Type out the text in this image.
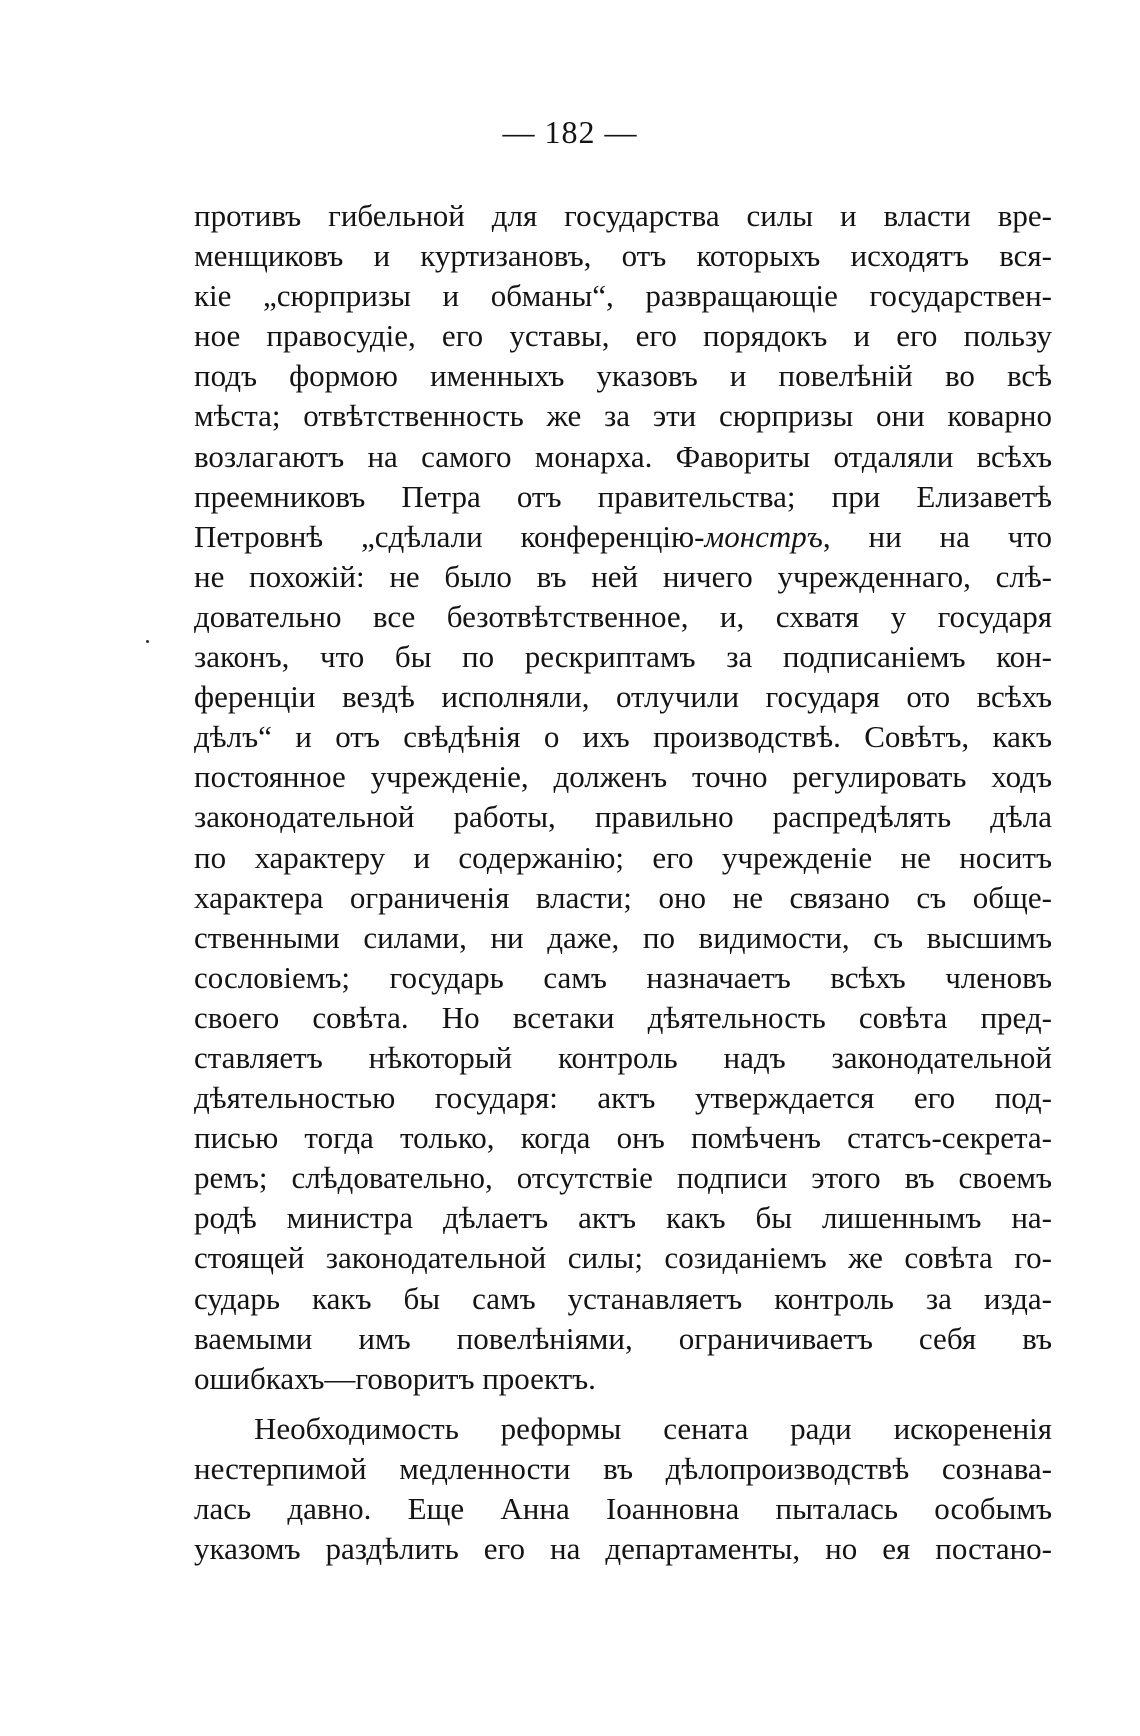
— 182 —
противъ гибельной для государства силы и власти вре-
менщиковъ и куртизановъ, отъ которыхъ исходятъ вся-
кіе „сюрпризы и обманы“, развращающіе государствен-
ное правосудіе, его уставы, его порядокъ и его пользу
подъ формою именныхъ указовъ и повелѣній во всѣ
мѣста; отвѣтственность же за эти сюрпризы они коварно
возлагаютъ на самого монарха. Фавориты отдаляли всѣхъ
преемниковъ Петра отъ правительства; при Елизаветѣ
Петровнѣ „сдѣлали конференцію-монстръ, ни на что
не похожій: не было въ ней ничего учрежденнаго, слѣ-
довательно все безотвѣтственное, и, схватя у государя
законъ, что бы по рескриптамъ за подписаніемъ кон-
ференціи вездѣ исполняли, отлучили государя ото всѣхъ
дѣлъ“ и отъ свѣдѣнія о ихъ производствѣ. Совѣтъ, какъ
постоянное учрежденіе, долженъ точно регулировать ходъ
законодательной работы, правильно распредѣлять дѣла
по характеру и содержанію; его учрежденіе не носитъ
характера ограниченія власти; оно не связано съ обще-
ственными силами, ни даже, по видимости, съ высшимъ
сословіемъ; государь самъ назначаетъ всѣхъ членовъ
своего совѣта. Но всетаки дѣятельность совѣта пред-
ставляетъ нѣкоторый контроль надъ законодательной
дѣятельностью государя: актъ утверждается его под-
писью тогда только, когда онъ помѣченъ статсъ-секрета-
ремъ; слѣдовательно, отсутствіе подписи этого въ своемъ
родѣ министра дѣлаетъ актъ какъ бы лишеннымъ на-
стоящей законодательной силы; созиданіемъ же совѣта го-
сударь какъ бы самъ устанавляетъ контроль за изда-
ваемыми имъ повелѣніями, ограничиваетъ себя въ
ошибкахъ—говоритъ проектъ.
Необходимость реформы сената ради искорененія
нестерпимой медленности въ дѣлопроизводствѣ сознава-
лась давно. Еще Анна Іоанновна пыталась особымъ
указомъ раздѣлить его на департаменты, но ея постано-
